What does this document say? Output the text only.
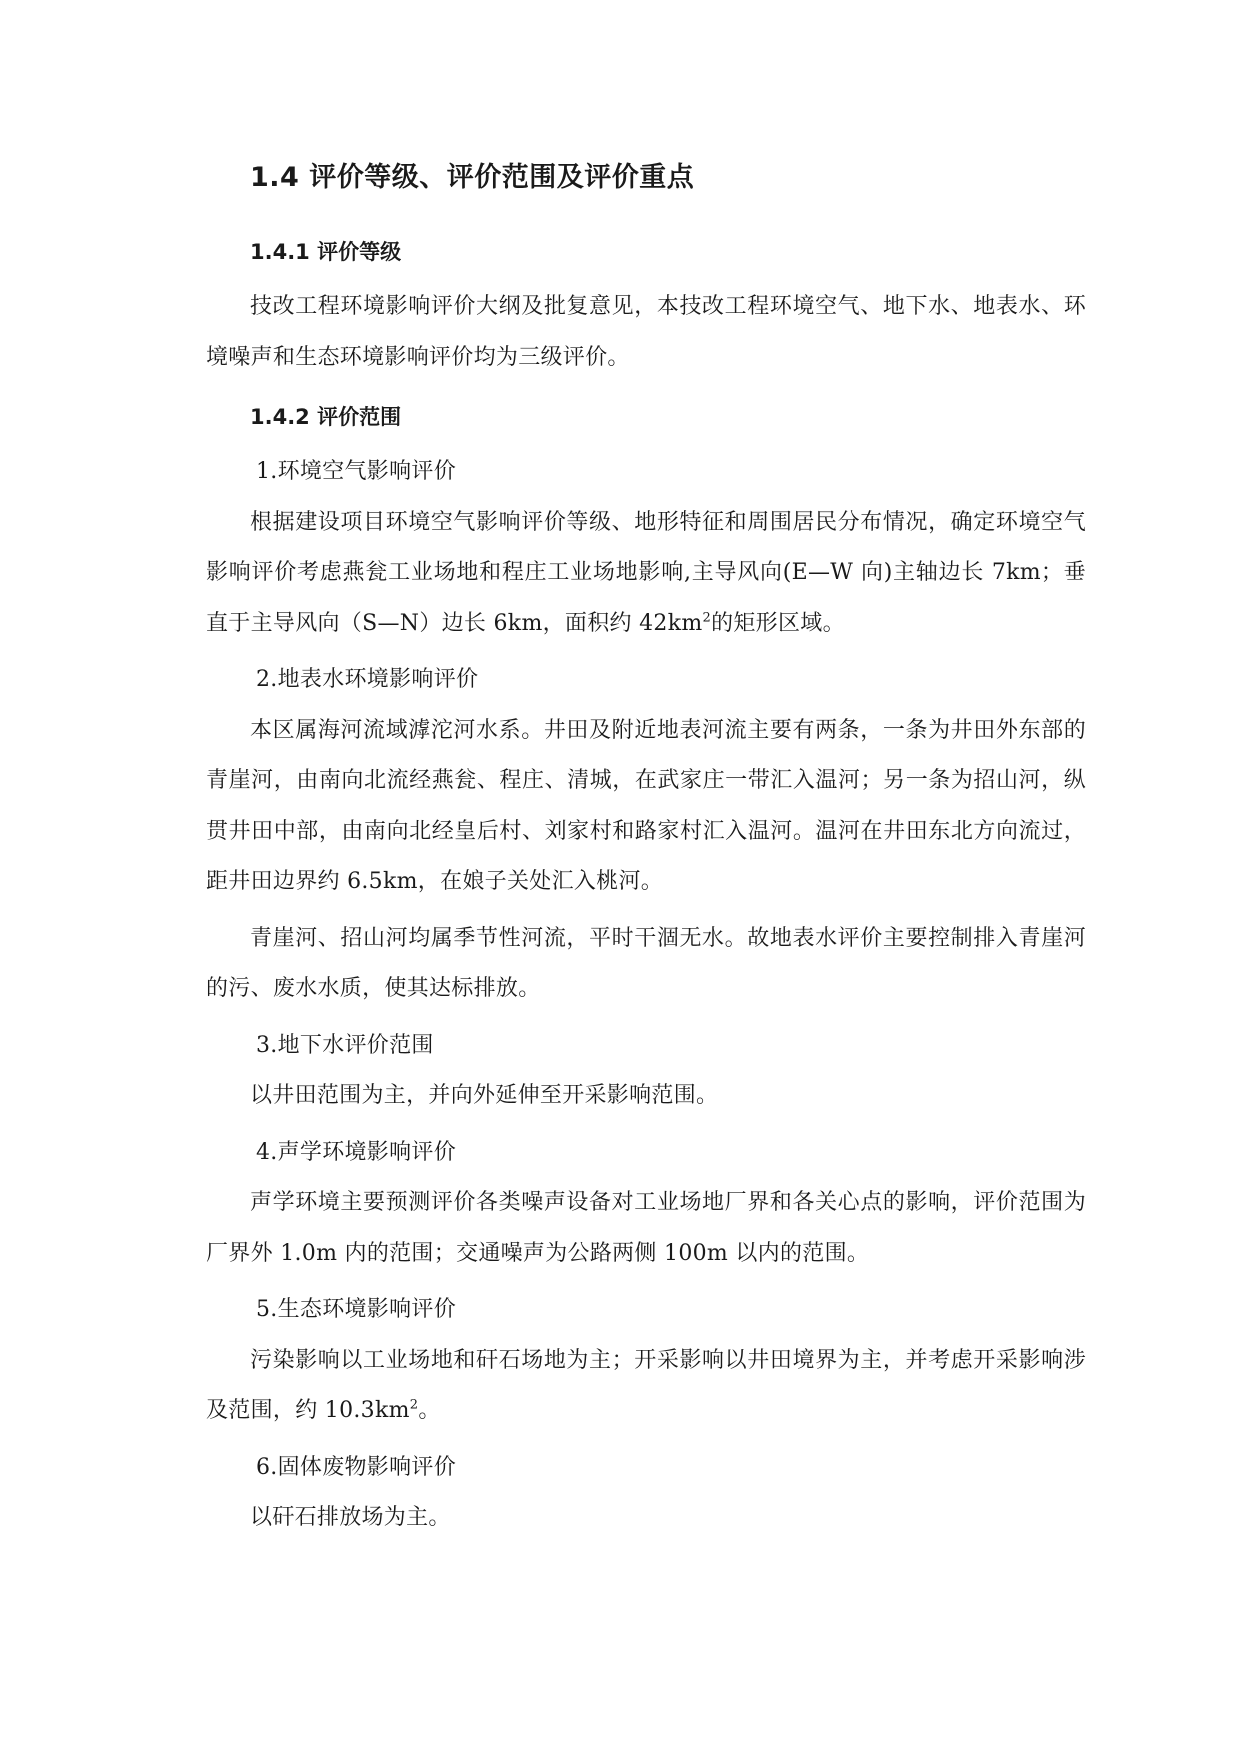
1.4 评价等级、评价范围及评价重点
1.4.1 评价等级

技改工程环境影响评价大纲及批复意见，本技改工程环境空气、地下水、地表水、环境噪声和生态环境影响评价均为三级评价。

1.4.2 评价范围
1.环境空气影响评价

根据建设项目环境空气影响评价等级、地形特征和周围居民分布情况，确定环境空气影响评价考虑燕瓮工业场地和程庄工业场地影响,主导风向(E—W 向)主轴边长 7km；垂直于主导风向（S—N）边长 6km，面积约 $42km^2$的矩形区域。

2.地表水环境影响评价

本区属海河流域滹沱河水系。井田及附近地表河流主要有两条，一条为井田外东部的青崖河，由南向北流经燕瓮、程庄、清城，在武家庄一带汇入温河；另一条为招山河，纵贯井田中部，由南向北经皇后村、刘家村和路家村汇入温河。温河在井田东北方向流过，距井田边界约 6.5km，在娘子关处汇入桃河。

青崖河、招山河均属季节性河流，平时干涸无水。故地表水评价主要控制排入青崖河的污、废水水质，使其达标排放。

3.地下水评价范围

以井田范围为主，并向外延伸至开采影响范围。

4.声学环境影响评价

声学环境主要预测评价各类噪声设备对工业场地厂界和各关心点的影响，评价范围为厂界外 1.0m 内的范围；交通噪声为公路两侧 100m 以内的范围。

5.生态环境影响评价

污染影响以工业场地和矸石场地为主；开采影响以井田境界为主，并考虑开采影响涉及范围，约 $10.3km^2$。

6.固体废物影响评价

以矸石排放场为主。
